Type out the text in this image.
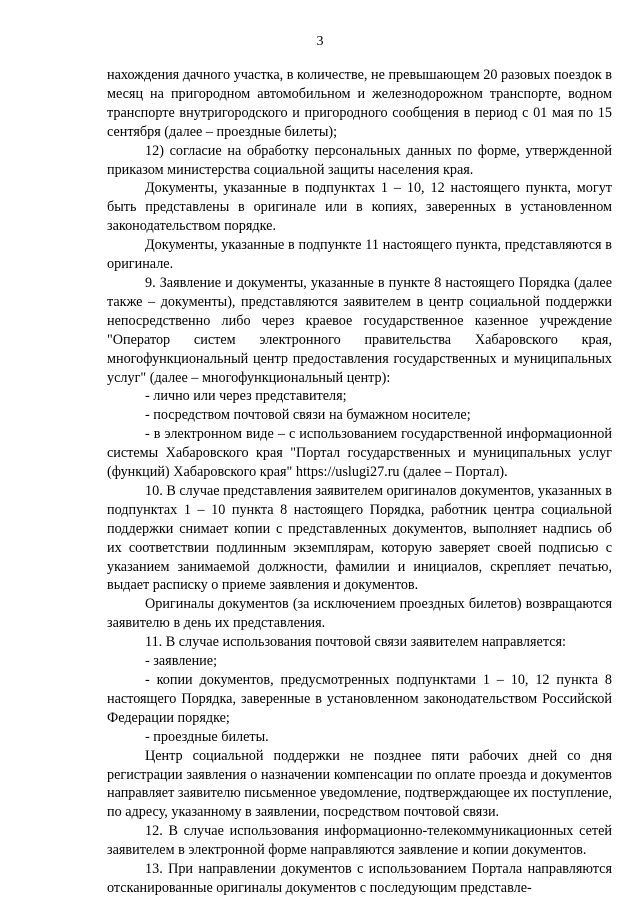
3

нахождения дачного участка, в количестве, не превышающем 20 разовых поездок в месяц на пригородном автомобильном и железнодорожном транспорте, водном транспорте внутригородского и пригородного сообщения в период с 01 мая по 15 сентября (далее – проездные билеты);

12) согласие на обработку персональных данных по форме, утвержденной приказом министерства социальной защиты населения края.

Документы, указанные в подпунктах 1 – 10, 12 настоящего пункта, могут быть представлены в оригинале или в копиях, заверенных в установленном законодательством порядке.

Документы, указанные в подпункте 11 настоящего пункта, представляются в оригинале.

9. Заявление и документы, указанные в пункте 8 настоящего Порядка (далее также – документы), представляются заявителем в центр социальной поддержки непосредственно либо через краевое государственное казенное учреждение "Оператор систем электронного правительства Хабаровского края, многофункциональный центр предоставления государственных и муниципальных услуг" (далее – многофункциональный центр):

- лично или через представителя;

- посредством почтовой связи на бумажном носителе;

- в электронном виде – с использованием государственной информационной системы Хабаровского края "Портал государственных и муниципальных услуг (функций) Хабаровского края" https://uslugi27.ru (далее – Портал).

10. В случае представления заявителем оригиналов документов, указанных в подпунктах 1 – 10 пункта 8 настоящего Порядка, работник центра социальной поддержки снимает копии с представленных документов, выполняет надпись об их соответствии подлинным экземплярам, которую заверяет своей подписью с указанием занимаемой должности, фамилии и инициалов, скрепляет печатью, выдает расписку о приеме заявления и документов.

Оригиналы документов (за исключением проездных билетов) возвращаются заявителю в день их представления.

11. В случае использования почтовой связи заявителем направляется:

- заявление;

- копии документов, предусмотренных подпунктами 1 – 10, 12 пункта 8 настоящего Порядка, заверенные в установленном законодательством Российской Федерации порядке;

- проездные билеты.

Центр социальной поддержки не позднее пяти рабочих дней со дня регистрации заявления о назначении компенсации по оплате проезда и документов направляет заявителю письменное уведомление, подтверждающее их поступление, по адресу, указанному в заявлении, посредством почтовой связи.

12. В случае использования информационно-телекоммуникационных сетей заявителем в электронной форме направляются заявление и копии документов.

13. При направлении документов с использованием Портала направляются отсканированные оригиналы документов с последующим представле-
